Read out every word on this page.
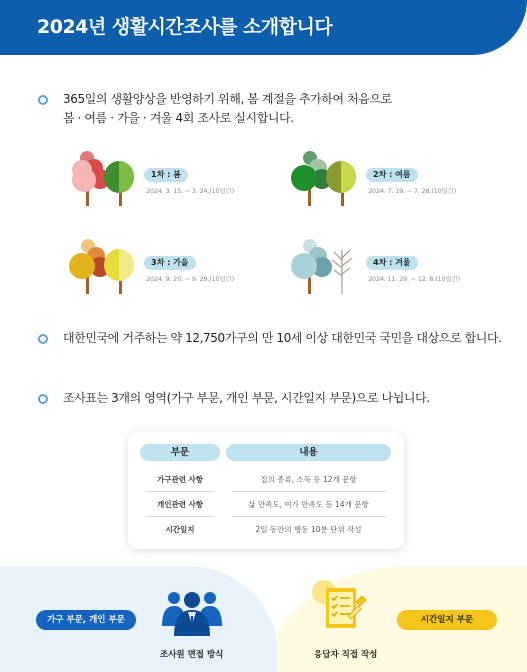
2024년 생활시간조사를 소개합니다
365일의 생활양상을 반영하기 위해, 봄 계절을 추가하여 처음으로
봄 · 여름 · 가을 · 겨울 4회 조사로 실시합니다.
1차 : 봄
2024. 3. 15. ~ 3. 24.(10일간)
2차 : 여름
2024. 7. 19. ~ 7. 28.(10일간)
3차 : 가을
2024. 9. 20. ~ 9. 29.(10일간)
4차 : 겨울
2024. 11. 29. ~ 12. 8.(10일간)
대한민국에 거주하는 약 12,750가구의 만 10세 이상 대한민국 국민을 대상으로 합니다.
조사표는 3개의 영역(가구 부문, 개인 부문, 시간일지 부문)으로 나뉩니다.
부문	내용
가구관련 사항	집의 종류, 소득 등 12개 문항
개인관련 사항	삶 만족도, 여가 만족도 등 14개 문항
시간일지	2일 동안의 행동 10분 단위 작성
가구 부문, 개인 부문
조사원 면접 방식	응답자 직접 작성
시간일지 부문
